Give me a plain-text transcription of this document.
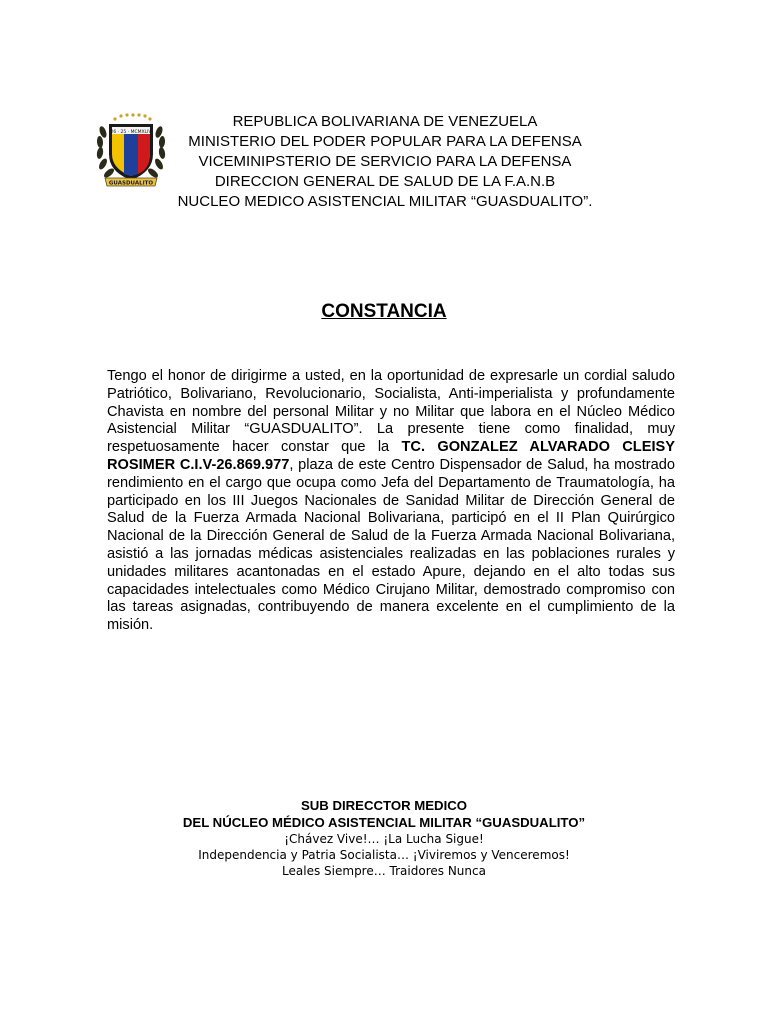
26 · 25 · MCMXLIV
GUASDUALITO
REPUBLICA BOLIVARIANA DE VENEZUELA
MINISTERIO DEL PODER POPULAR PARA LA DEFENSA
VICEMINIPSTERIO DE SERVICIO PARA LA DEFENSA
DIRECCION GENERAL DE SALUD DE LA F.A.N.B
NUCLEO MEDICO ASISTENCIAL MILITAR “GUASDUALITO”.
CONSTANCIA
Tengo el honor de dirigirme a usted, en la oportunidad de expresarle un cordial saludo Patriótico, Bolivariano, Revolucionario, Socialista, Anti-imperialista y profundamente Chavista en nombre del personal Militar y no Militar que labora en el Núcleo Médico Asistencial Militar “GUASDUALITO”. La presente tiene como finalidad, muy respetuosamente hacer constar que la TC. GONZALEZ ALVARADO CLEISY ROSIMER C.I.V-26.869.977, plaza de este Centro Dispensador de Salud, ha mostrado rendimiento en el cargo que ocupa como Jefa del Departamento de Traumatología, ha participado en los III Juegos Nacionales de Sanidad Militar de Dirección General de Salud de la Fuerza Armada Nacional Bolivariana, participó en el II Plan Quirúrgico Nacional de la Dirección General de Salud de la Fuerza Armada Nacional Bolivariana, asistió a las jornadas médicas asistenciales realizadas en las poblaciones rurales y unidades militares acantonadas en el estado Apure, dejando en el alto todas sus capacidades intelectuales como Médico Cirujano Militar, demostrado compromiso con las tareas asignadas, contribuyendo de manera excelente en el cumplimiento de la misión.
SUB DIRECCTOR MEDICO
DEL NÚCLEO MÉDICO ASISTENCIAL MILITAR “GUASDUALITO”
¡Chávez Vive!… ¡La Lucha Sigue!
Independencia y Patria Socialista… ¡Viviremos y Venceremos!
Leales Siempre… Traidores Nunca
